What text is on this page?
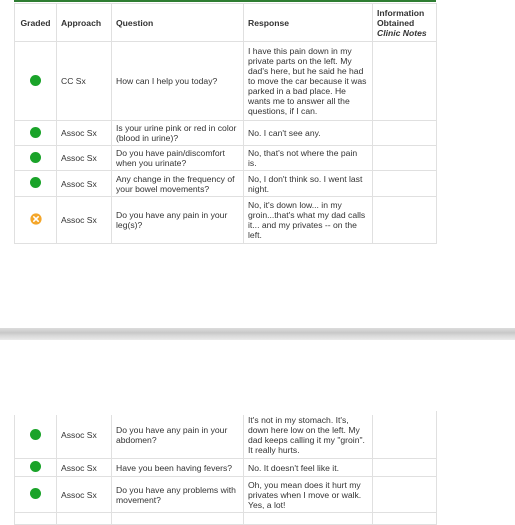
Graded	Approach	Question	Response	Information Obtained Clinic Notes
	CC Sx	How can I help you today?	I have this pain down in my private parts on the left. My dad's here, but he said he had to move the car because it was parked in a bad place. He wants me to answer all the questions, if I can.	
	Assoc Sx	Is your urine pink or red in color (blood in urine)?	No. I can't see any.	
	Assoc Sx	Do you have pain/discomfort when you urinate?	No, that's not where the pain is.	
	Assoc Sx	Any change in the frequency of your bowel movements?	No, I don't think so. I went last night.	
	Assoc Sx	Do you have any pain in your leg(s)?	No, it's down low... in my groin...that's what my dad calls it... and my privates -- on the left.	
	Assoc Sx	Do you have any pain in your abdomen?	It's not in my stomach. It's, down here low on the left. My dad keeps calling it my "groin". It really hurts.	
	Assoc Sx	Have you been having fevers?	No. It doesn't feel like it.	
	Assoc Sx	Do you have any problems with movement?	Oh, you mean does it hurt my privates when I move or walk. Yes, a lot!	
